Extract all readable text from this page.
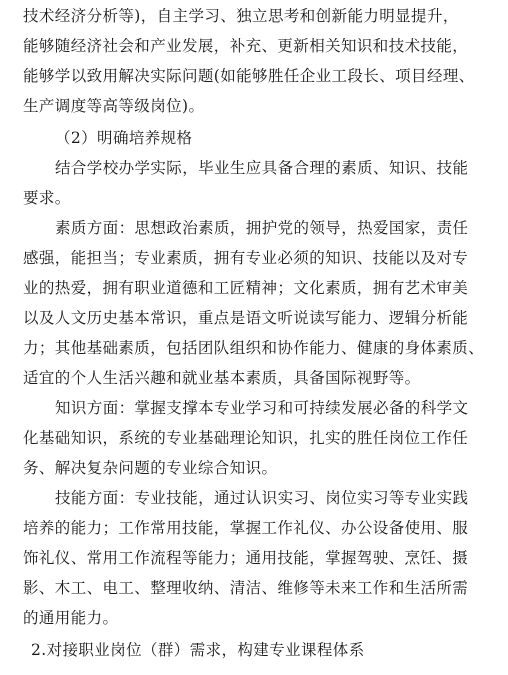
技术经济分析等)，自主学习、独立思考和创新能力明显提升，
能够随经济社会和产业发展，补充、更新相关知识和技术技能，
能够学以致用解决实际问题(如能够胜任企业工段长、项目经理、
生产调度等高等级岗位)。
（2）明确培养规格
结合学校办学实际，毕业生应具备合理的素质、知识、技能
要求。
素质方面：思想政治素质，拥护党的领导，热爱国家，责任
感强，能担当；专业素质，拥有专业必须的知识、技能以及对专
业的热爱，拥有职业道德和工匠精神；文化素质，拥有艺术审美
以及人文历史基本常识，重点是语文听说读写能力、逻辑分析能
力；其他基础素质，包括团队组织和协作能力、健康的身体素质、
适宜的个人生活兴趣和就业基本素质，具备国际视野等。
知识方面：掌握支撑本专业学习和可持续发展必备的科学文
化基础知识，系统的专业基础理论知识，扎实的胜任岗位工作任
务、解决复杂问题的专业综合知识。
技能方面：专业技能，通过认识实习、岗位实习等专业实践
培养的能力；工作常用技能，掌握工作礼仪、办公设备使用、服
饰礼仪、常用工作流程等能力；通用技能，掌握驾驶、烹饪、摄
影、木工、电工、整理收纳、清洁、维修等未来工作和生活所需
的通用能力。
2.对接职业岗位（群）需求，构建专业课程体系
